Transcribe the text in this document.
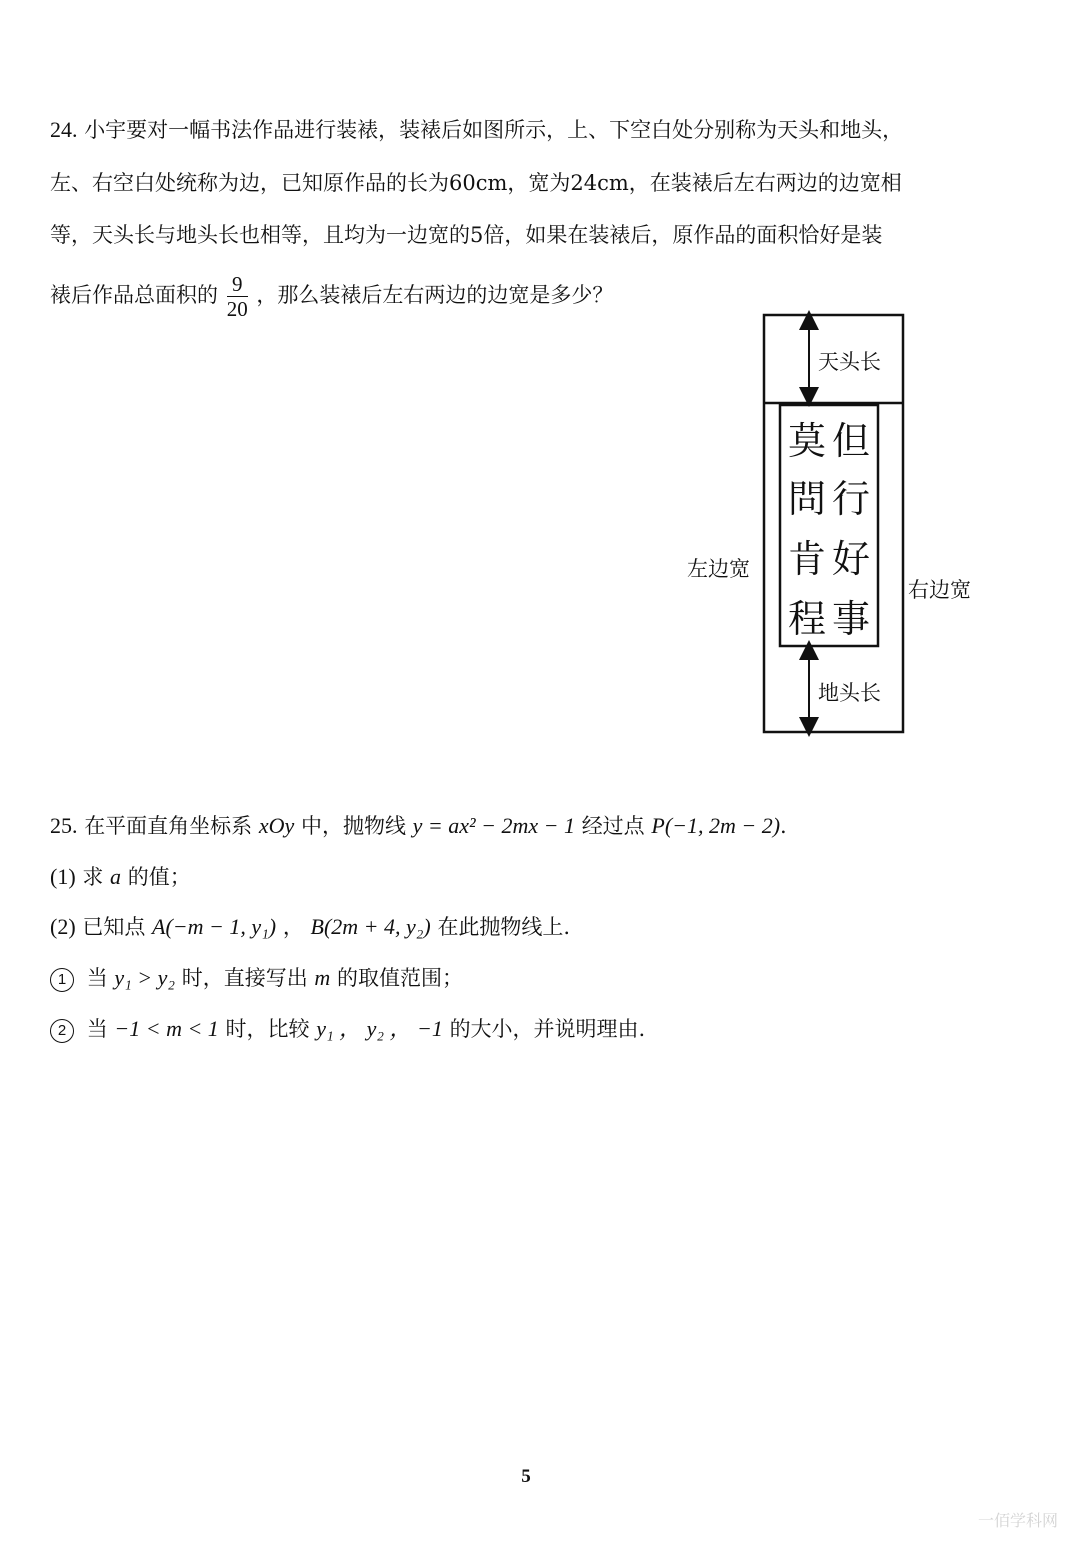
24. 小宇要对一幅书法作品进行装裱，装裱后如图所示，上、下空白处分别称为天头和地头，
左、右空白处统称为边，已知原作品的长为60cm，宽为24cm，在装裱后左右两边的边宽相
等，天头长与地头长也相等，且均为一边宽的5倍，如果在装裱后，原作品的面积恰好是装
裱后作品总面积的 $\frac{9}{20}$ ，那么装裱后左右两边的边宽是多少？
天头长
地头长
左边宽
右边宽
莫
問
肯
程
但
行
好
事
25. 在平面直角坐标系 xOy 中，抛物线 y = ax² − 2mx − 1 经过点 P(−1, 2m − 2).
(1) 求 a 的值；
(2) 已知点 A(−m − 1, y₁) ， B(2m + 4, y₂) 在此抛物线上.
1 当 y₁ > y₂ 时，直接写出 m 的取值范围；
2 当 −1 < m < 1 时，比较 y₁ ， y₂ ， −1 的大小，并说明理由.
5
一佰学科网
